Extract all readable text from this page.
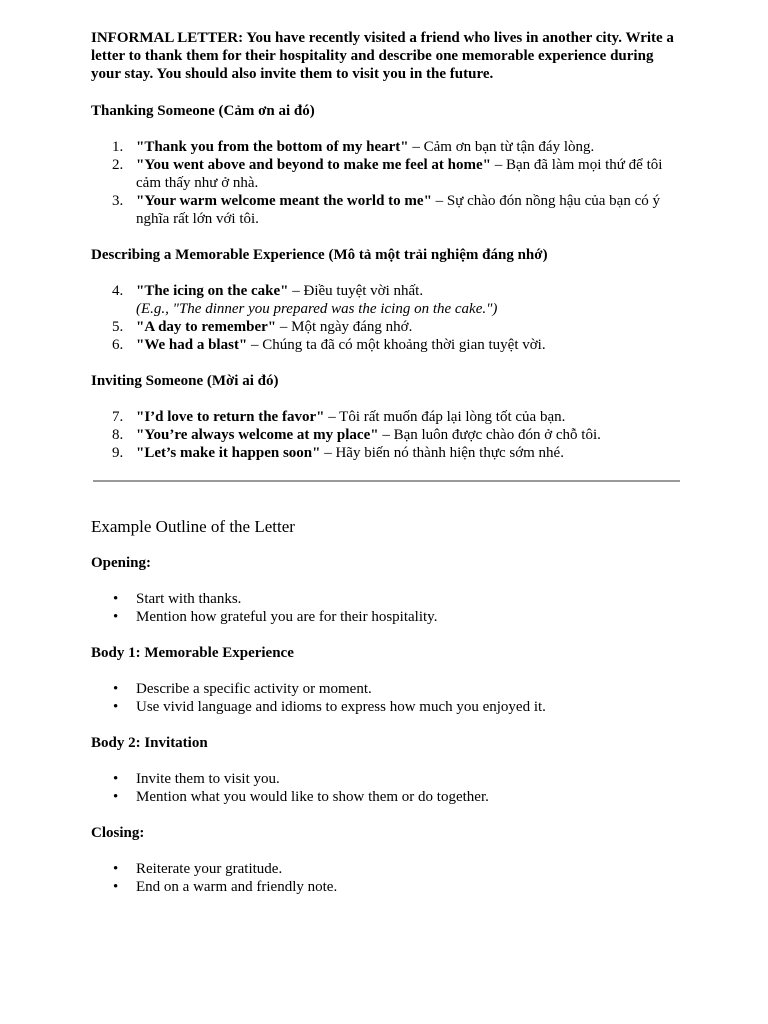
INFORMAL LETTER: You have recently visited a friend who lives in another city. Write a letter to thank them for their hospitality and describe one memorable experience during your stay. You should also invite them to visit you in the future.

Thanking Someone (Cảm ơn ai đó)

1. "Thank you from the bottom of my heart" – Cảm ơn bạn từ tận đáy lòng.
2. "You went above and beyond to make me feel at home" – Bạn đã làm mọi thứ để tôi cảm thấy như ở nhà.
3. "Your warm welcome meant the world to me" – Sự chào đón nồng hậu của bạn có ý nghĩa rất lớn với tôi.

Describing a Memorable Experience (Mô tả một trải nghiệm đáng nhớ)

4. "The icing on the cake" – Điều tuyệt vời nhất.
(E.g., "The dinner you prepared was the icing on the cake.")
5. "A day to remember" – Một ngày đáng nhớ.
6. "We had a blast" – Chúng ta đã có một khoảng thời gian tuyệt vời.

Inviting Someone (Mời ai đó)

7. "I’d love to return the favor" – Tôi rất muốn đáp lại lòng tốt của bạn.
8. "You’re always welcome at my place" – Bạn luôn được chào đón ở chỗ tôi.
9. "Let’s make it happen soon" – Hãy biến nó thành hiện thực sớm nhé.

Example Outline of the Letter

Opening:

• Start with thanks.
• Mention how grateful you are for their hospitality.

Body 1: Memorable Experience

• Describe a specific activity or moment.
• Use vivid language and idioms to express how much you enjoyed it.

Body 2: Invitation

• Invite them to visit you.
• Mention what you would like to show them or do together.

Closing:

• Reiterate your gratitude.
• End on a warm and friendly note.
